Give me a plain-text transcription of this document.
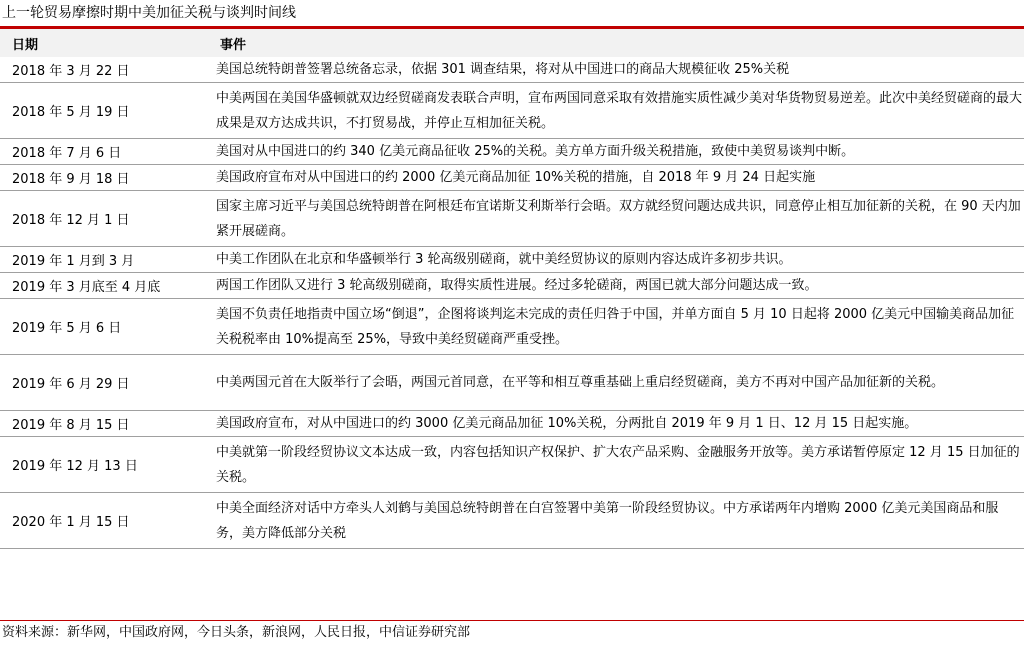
上一轮贸易摩擦时期中美加征关税与谈判时间线
日期	事件
2018 年 3 月 22 日	美国总统特朗普签署总统备忘录，依据 301 调查结果，将对从中国进口的商品大规模征收 25%关税
2018 年 5 月 19 日	中美两国在美国华盛顿就双边经贸磋商发表联合声明，宣布两国同意采取有效措施实质性减少美对华货物贸易逆差。此次中美经贸磋商的最大成果是双方达成共识，不打贸易战，并停止互相加征关税。
2018 年 7 月 6 日	美国对从中国进口的约 340 亿美元商品征收 25%的关税。美方单方面升级关税措施，致使中美贸易谈判中断。
2018 年 9 月 18 日	美国政府宣布对从中国进口的约 2000 亿美元商品加征 10%关税的措施，自 2018 年 9 月 24 日起实施
2018 年 12 月 1 日	国家主席习近平与美国总统特朗普在阿根廷布宜诺斯艾利斯举行会晤。双方就经贸问题达成共识，同意停止相互加征新的关税，在 90 天内加紧开展磋商。
2019 年 1 月到 3 月	中美工作团队在北京和华盛顿举行 3 轮高级别磋商，就中美经贸协议的原则内容达成许多初步共识。
2019 年 3 月底至 4 月底	两国工作团队又进行 3 轮高级别磋商，取得实质性进展。经过多轮磋商，两国已就大部分问题达成一致。
2019 年 5 月 6 日	美国不负责任地指责中国立场“倒退”，企图将谈判迄未完成的责任归咎于中国，并单方面自 5 月 10 日起将 2000 亿美元中国输美商品加征关税税率由 10%提高至 25%，导致中美经贸磋商严重受挫。
2019 年 6 月 29 日	中美两国元首在大阪举行了会晤，两国元首同意，在平等和相互尊重基础上重启经贸磋商，美方不再对中国产品加征新的关税。
2019 年 8 月 15 日	美国政府宣布，对从中国进口的约 3000 亿美元商品加征 10%关税，分两批自 2019 年 9 月 1 日、12 月 15 日起实施。
2019 年 12 月 13 日	中美就第一阶段经贸协议文本达成一致，内容包括知识产权保护、扩大农产品采购、金融服务开放等。美方承诺暂停原定 12 月 15 日加征的关税。
2020 年 1 月 15 日	中美全面经济对话中方牵头人刘鹤与美国总统特朗普在白宫签署中美第一阶段经贸协议。中方承诺两年内增购 2000 亿美元美国商品和服务，美方降低部分关税
资料来源：新华网，中国政府网，今日头条，新浪网，人民日报，中信证券研究部
